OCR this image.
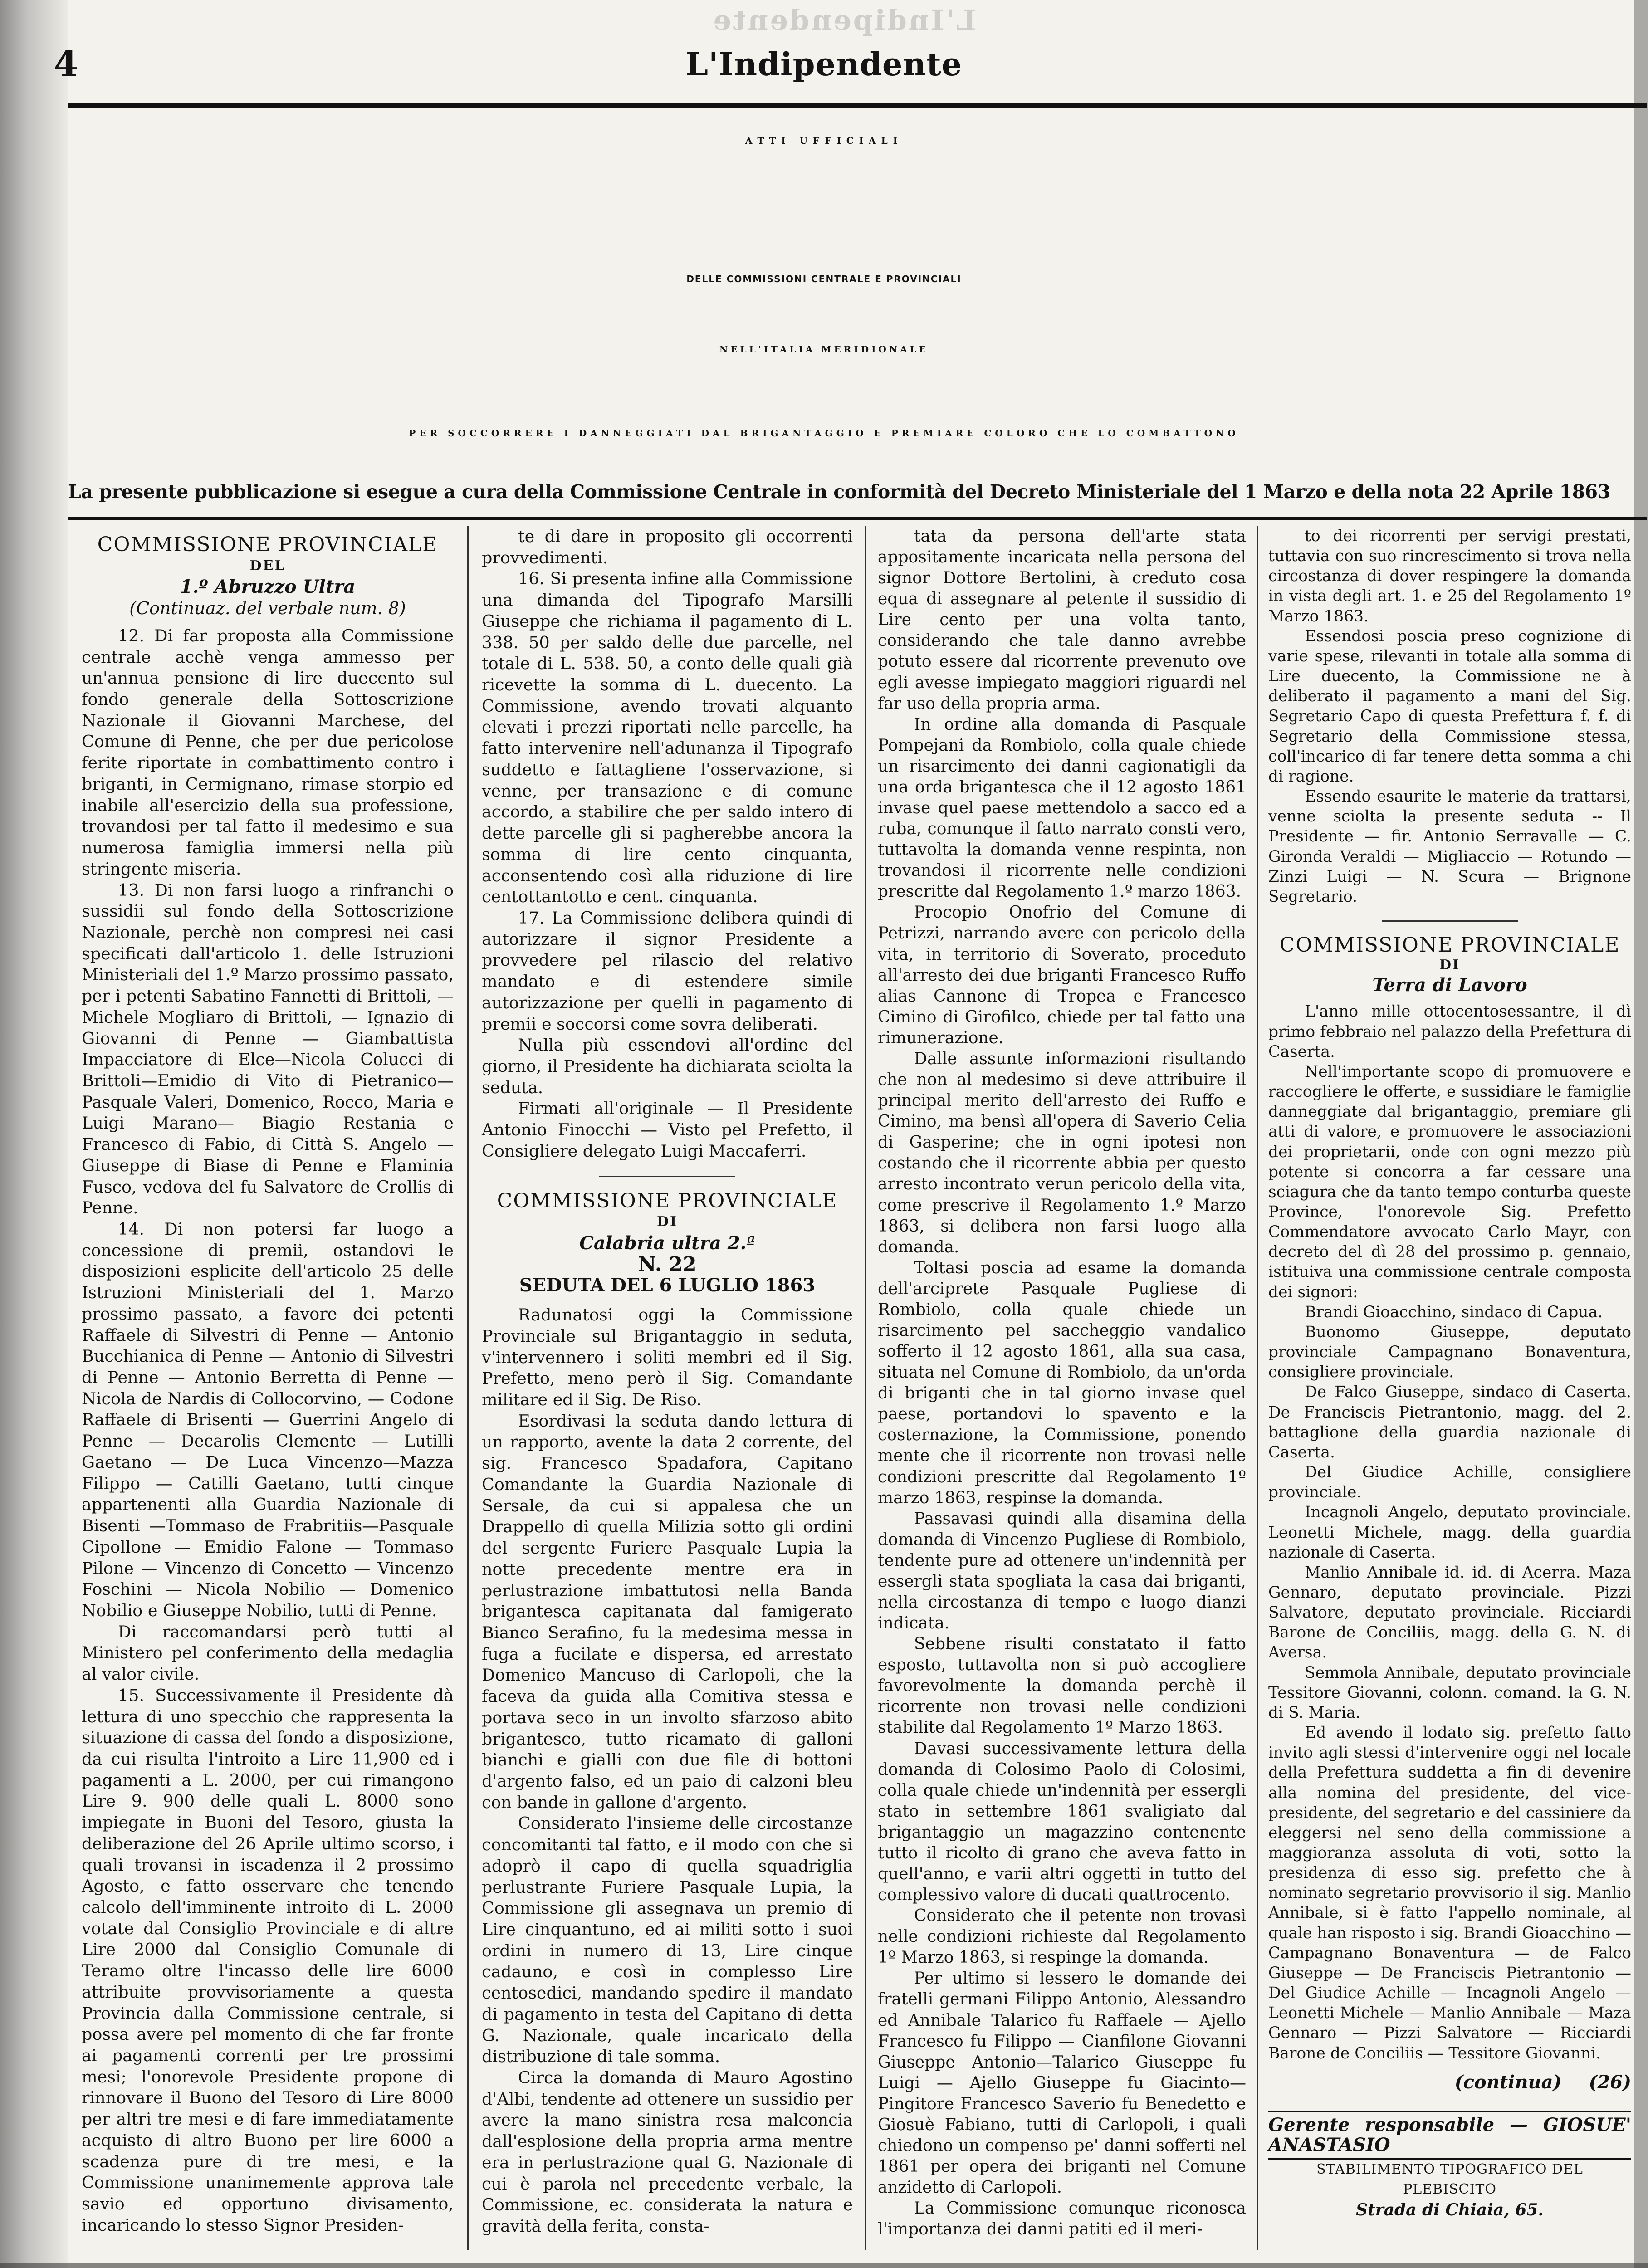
L'Indipendente
4	L'Indipendente
ATTI UFFICIALI
DELLE COMMISSIONI CENTRALE E PROVINCIALI
NELL'ITALIA MERIDIONALE
PER SOCCORRERE I DANNEGGIATI DAL BRIGANTAGGIO E PREMIARE COLORO CHE LO COMBATTONO
La presente pubblicazione si esegue a cura della Commissione Centrale in conformità del Decreto Ministeriale del 1 Marzo e della nota 22 Aprile 1863
COMMISSIONE PROVINCIALE
DEL
1.º Abruzzo Ultra
(Continuaz. del verbale num. 8)

12. Di far proposta alla Commissione centrale acchè venga ammesso per un'annua pensione di lire duecento sul fondo generale della Sottoscrizione Nazionale il Giovanni Marchese, del Comune di Penne, che per due pericolose ferite riportate in combattimento contro i briganti, in Cermignano, rimase storpio ed inabile all'esercizio della sua professione, trovandosi per tal fatto il medesimo e sua numerosa famiglia immersi nella più stringente miseria.

13. Di non farsi luogo a rinfranchi o sussidii sul fondo della Sottoscrizione Nazionale, perchè non compresi nei casi specificati dall'articolo 1. delle Istruzioni Ministeriali del 1.º Marzo prossimo passato, per i petenti Sabatino Fannetti di Brittoli, — Michele Mogliaro di Brittoli, — Ignazio di Giovanni di Penne — Giambattista Impacciatore di Elce—Nicola Colucci di Brittoli—Emidio di Vito di Pietranico—Pasquale Valeri, Domenico, Rocco, Maria e Luigi Marano— Biagio Restania e Francesco di Fabio, di Città S. Angelo — Giuseppe di Biase di Penne e Flaminia Fusco, vedova del fu Salvatore de Crollis di Penne.

14. Di non potersi far luogo a concessione di premii, ostandovi le disposizioni esplicite dell'articolo 25 delle Istruzioni Ministeriali del 1. Marzo prossimo passato, a favore dei petenti Raffaele di Silvestri di Penne — Antonio Bucchianica di Penne — Antonio di Silvestri di Penne — Antonio Berretta di Penne — Nicola de Nardis di Collocorvino, — Codone Raffaele di Brisenti — Guerrini Angelo di Penne — Decarolis Clemente — Lutilli Gaetano — De Luca Vincenzo—Mazza Filippo — Catilli Gaetano, tutti cinque appartenenti alla Guardia Nazionale di Bisenti —Tommaso de Frabritiis—Pasquale Cipollone — Emidio Falone — Tommaso Pilone — Vincenzo di Concetto — Vincenzo Foschini — Nicola Nobilio — Domenico Nobilio e Giuseppe Nobilio, tutti di Penne.

Di raccomandarsi però tutti al Ministero pel conferimento della medaglia al valor civile.

15. Successivamente il Presidente dà lettura di uno specchio che rappresenta la situazione di cassa del fondo a disposizione, da cui risulta l'introito a Lire 11,900 ed i pagamenti a L. 2000, per cui rimangono Lire 9. 900 delle quali L. 8000 sono impiegate in Buoni del Tesoro, giusta la deliberazione del 26 Aprile ultimo scorso, i quali trovansi in iscadenza il 2 prossimo Agosto, e fatto osservare che tenendo calcolo dell'imminente introito di L. 2000 votate dal Consiglio Provinciale e di altre Lire 2000 dal Consiglio Comunale di Teramo oltre l'incasso delle lire 6000 attribuite provvisoriamente a questa Provincia dalla Commissione centrale, si possa avere pel momento di che far fronte ai pagamenti correnti per tre prossimi mesi; l'onorevole Presidente propone di rinnovare il Buono del Tesoro di Lire 8000 per altri tre mesi e di fare immediatamente acquisto di altro Buono per lire 6000 a scadenza pure di tre mesi, e la Commissione unanimemente approva tale savio ed opportuno divisamento, incaricando lo stesso Signor Presiden-

te di dare in proposito gli occorrenti provvedimenti.

16. Si presenta infine alla Commissione una dimanda del Tipografo Marsilli Giuseppe che richiama il pagamento di L. 338. 50 per saldo delle due parcelle, nel totale di L. 538. 50, a conto delle quali già ricevette la somma di L. duecento. La Commissione, avendo trovati alquanto elevati i prezzi riportati nelle parcelle, ha fatto intervenire nell'adunanza il Tipografo suddetto e fattagliene l'osservazione, si venne, per transazione e di comune accordo, a stabilire che per saldo intero di dette parcelle gli si pagherebbe ancora la somma di lire cento cinquanta, acconsentendo così alla riduzione di lire centottantotto e cent. cinquanta.

17. La Commissione delibera quindi di autorizzare il signor Presidente a provvedere pel rilascio del relativo mandato e di estendere simile autorizzazione per quelli in pagamento di premii e soccorsi come sovra deliberati.

Nulla più essendovi all'ordine del giorno, il Presidente ha dichiarata sciolta la seduta.

Firmati all'originale — Il Presidente Antonio Finocchi — Visto pel Prefetto, il Consigliere delegato Luigi Maccaferri.

COMMISSIONE PROVINCIALE
DI
Calabria ultra 2.ª
N. 22
SEDUTA DEL 6 LUGLIO 1863

Radunatosi oggi la Commissione Provinciale sul Brigantaggio in seduta, v'intervennero i soliti membri ed il Sig. Prefetto, meno però il Sig. Comandante militare ed il Sig. De Riso.

Esordivasi la seduta dando lettura di un rapporto, avente la data 2 corrente, del sig. Francesco Spadafora, Capitano Comandante la Guardia Nazionale di Sersale, da cui si appalesa che un Drappello di quella Milizia sotto gli ordini del sergente Furiere Pasquale Lupia la notte precedente mentre era in perlustrazione imbattutosi nella Banda brigantesca capitanata dal famigerato Bianco Serafino, fu la medesima messa in fuga a fucilate e dispersa, ed arrestato Domenico Mancuso di Carlopoli, che la faceva da guida alla Comitiva stessa e portava seco in un involto sfarzoso abito brigantesco, tutto ricamato di galloni bianchi e gialli con due file di bottoni d'argento falso, ed un paio di calzoni bleu con bande in gallone d'argento.

Considerato l'insieme delle circostanze concomitanti tal fatto, e il modo con che si adoprò il capo di quella squadriglia perlustrante Furiere Pasquale Lupia, la Commissione gli assegnava un premio di Lire cinquantuno, ed ai militi sotto i suoi ordini in numero di 13, Lire cinque cadauno, e così in complesso Lire centosedici, mandando spedire il mandato di pagamento in testa del Capitano di detta G. Nazionale, quale incaricato della distribuzione di tale somma.

Circa la domanda di Mauro Agostino d'Albi, tendente ad ottenere un sussidio per avere la mano sinistra resa malconcia dall'esplosione della propria arma mentre era in perlustrazione qual G. Nazionale di cui è parola nel precedente verbale, la Commissione, ec. considerata la natura e gravità della ferita, consta-

tata da persona dell'arte stata appositamente incaricata nella persona del signor Dottore Bertolini, à creduto cosa equa di assegnare al petente il sussidio di Lire cento per una volta tanto, considerando che tale danno avrebbe potuto essere dal ricorrente prevenuto ove egli avesse impiegato maggiori riguardi nel far uso della propria arma.

In ordine alla domanda di Pasquale Pompejani da Rombiolo, colla quale chiede un risarcimento dei danni cagionatigli da una orda brigantesca che il 12 agosto 1861 invase quel paese mettendolo a sacco ed a ruba, comunque il fatto narrato consti vero, tuttavolta la domanda venne respinta, non trovandosi il ricorrente nelle condizioni prescritte dal Regolamento 1.º marzo 1863.

Procopio Onofrio del Comune di Petrizzi, narrando avere con pericolo della vita, in territorio di Soverato, proceduto all'arresto dei due briganti Francesco Ruffo alias Cannone di Tropea e Francesco Cimino di Girofilco, chiede per tal fatto una rimunerazione.

Dalle assunte informazioni risultando che non al medesimo si deve attribuire il principal merito dell'arresto dei Ruffo e Cimino, ma bensì all'opera di Saverio Celia di Gasperine; che in ogni ipotesi non costando che il ricorrente abbia per questo arresto incontrato verun pericolo della vita, come prescrive il Regolamento 1.º Marzo 1863, si delibera non farsi luogo alla domanda.

Toltasi poscia ad esame la domanda dell'arciprete Pasquale Pugliese di Rombiolo, colla quale chiede un risarcimento pel saccheggio vandalico sofferto il 12 agosto 1861, alla sua casa, situata nel Comune di Rombiolo, da un'orda di briganti che in tal giorno invase quel paese, portandovi lo spavento e la costernazione, la Commissione, ponendo mente che il ricorrente non trovasi nelle condizioni prescritte dal Regolamento 1º marzo 1863, respinse la domanda.

Passavasi quindi alla disamina della domanda di Vincenzo Pugliese di Rombiolo, tendente pure ad ottenere un'indennità per essergli stata spogliata la casa dai briganti, nella circostanza di tempo e luogo dianzi indicata.

Sebbene risulti constatato il fatto esposto, tuttavolta non si può accogliere favorevolmente la domanda perchè il ricorrente non trovasi nelle condizioni stabilite dal Regolamento 1º Marzo 1863.

Davasi successivamente lettura della domanda di Colosimo Paolo di Colosimi, colla quale chiede un'indennità per essergli stato in settembre 1861 svaligiato dal brigantaggio un magazzino contenente tutto il ricolto di grano che aveva fatto in quell'anno, e varii altri oggetti in tutto del complessivo valore di ducati quattrocento.

Considerato che il petente non trovasi nelle condizioni richieste dal Regolamento 1º Marzo 1863, si respinge la domanda.

Per ultimo si lessero le domande dei fratelli germani Filippo Antonio, Alessandro ed Annibale Talarico fu Raffaele — Ajello Francesco fu Filippo — Cianfilone Giovanni Giuseppe Antonio—Talarico Giuseppe fu Luigi — Ajello Giuseppe fu Giacinto—Pingitore Francesco Saverio fu Benedetto e Giosuè Fabiano, tutti di Carlopoli, i quali chiedono un compenso pe' danni sofferti nel 1861 per opera dei briganti nel Comune anzidetto di Carlopoli.

La Commissione comunque riconosca l'importanza dei danni patiti ed il meri-

to dei ricorrenti per servigi prestati, tuttavia con suo rincrescimento si trova nella circostanza di dover respingere la domanda in vista degli art. 1. e 25 del Regolamento 1º Marzo 1863.

Essendosi poscia preso cognizione di varie spese, rilevanti in totale alla somma di Lire duecento, la Commissione ne à deliberato il pagamento a mani del Sig. Segretario Capo di questa Prefettura f. f. di Segretario della Commissione stessa, coll'incarico di far tenere detta somma a chi di ragione.

Essendo esaurite le materie da trattarsi, venne sciolta la presente seduta -- Il Presidente — fir. Antonio Serravalle — C. Gironda Veraldi — Migliaccio — Rotundo — Zinzi Luigi — N. Scura — Brignone Segretario.

COMMISSIONE PROVINCIALE
DI
Terra di Lavoro

L'anno mille ottocentosessantre, il dì primo febbraio nel palazzo della Prefettura di Caserta.

Nell'importante scopo di promuovere e raccogliere le offerte, e sussidiare le famiglie danneggiate dal brigantaggio, premiare gli atti di valore, e promuovere le associazioni dei proprietarii, onde con ogni mezzo più potente si concorra a far cessare una sciagura che da tanto tempo conturba queste Province, l'onorevole Sig. Prefetto Commendatore avvocato Carlo Mayr, con decreto del dì 28 del prossimo p. gennaio, istituiva una commissione centrale composta dei signori:

Brandi Gioacchino, sindaco di Capua.

Buonomo Giuseppe, deputato provinciale Campagnano Bonaventura, consigliere provinciale.

De Falco Giuseppe, sindaco di Caserta. De Franciscis Pietrantonio, magg. del 2. battaglione della guardia nazionale di Caserta.

Del Giudice Achille, consigliere provinciale.

Incagnoli Angelo, deputato provinciale. Leonetti Michele, magg. della guardia nazionale di Caserta.

Manlio Annibale id. id. di Acerra. Maza Gennaro, deputato provinciale. Pizzi Salvatore, deputato provinciale. Ricciardi Barone de Conciliis, magg. della G. N. di Aversa.

Semmola Annibale, deputato provinciale Tessitore Giovanni, colonn. comand. la G. N. di S. Maria.

Ed avendo il lodato sig. prefetto fatto invito agli stessi d'intervenire oggi nel locale della Prefettura suddetta a fin di devenire alla nomina del presidente, del vice-presidente, del segretario e del cassiniere da eleggersi nel seno della commissione a maggioranza assoluta di voti, sotto la presidenza di esso sig. prefetto che à nominato segretario provvisorio il sig. Manlio Annibale, si è fatto l'appello nominale, al quale han risposto i sig. Brandi Gioacchino — Campagnano Bonaventura — de Falco Giuseppe — De Franciscis Pietrantonio — Del Giudice Achille — Incagnoli Angelo — Leonetti Michele — Manlio Annibale — Maza Gennaro — Pizzi Salvatore — Ricciardi Barone de Conciliis — Tessitore Giovanni.

(continua) (26)
Gerente responsabile — GIOSUE' ANASTASIO
STABILIMENTO TIPOGRAFICO DEL PLEBISCITO
Strada di Chiaia, 65.
